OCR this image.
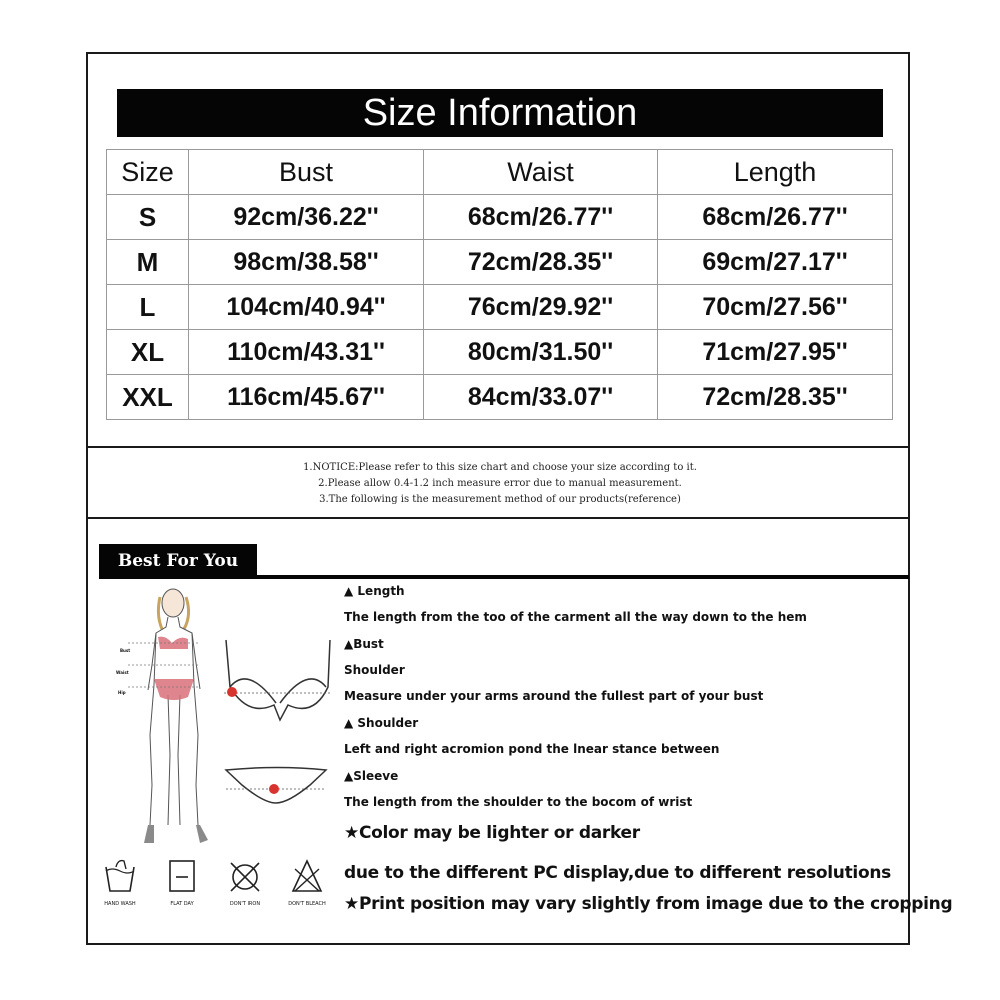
Size Information
Size	Bust	Waist	Length
S	92cm/36.22''	68cm/26.77''	68cm/26.77''
M	98cm/38.58''	72cm/28.35''	69cm/27.17''
L	104cm/40.94''	76cm/29.92''	70cm/27.56''
XL	110cm/43.31''	80cm/31.50''	71cm/27.95''
XXL	116cm/45.67''	84cm/33.07''	72cm/28.35''
1.NOTICE:Please refer to this size chart and choose your size according to it.
2.Please allow 0.4-1.2 inch measure error due to manual measurement.
3.The following is the measurement method of our products(reference)
Best For You
Bust
Waist
Hip
▲ Length
The length from the too of the carment all the way down to the hem
▲Bust
Shoulder
Measure under your arms around the fullest part of your bust
▲ Shoulder
Left and right acromion pond the lnear stance between
▲Sleeve
The length from the shoulder to the bocom of wrist
★Color may be lighter or darker
due to the different PC display,due to different resolutions
★Print position may vary slightly from image due to the cropping
HAND WASH	FLAT DAY	DON'T IRON	DON'T BLEACH
